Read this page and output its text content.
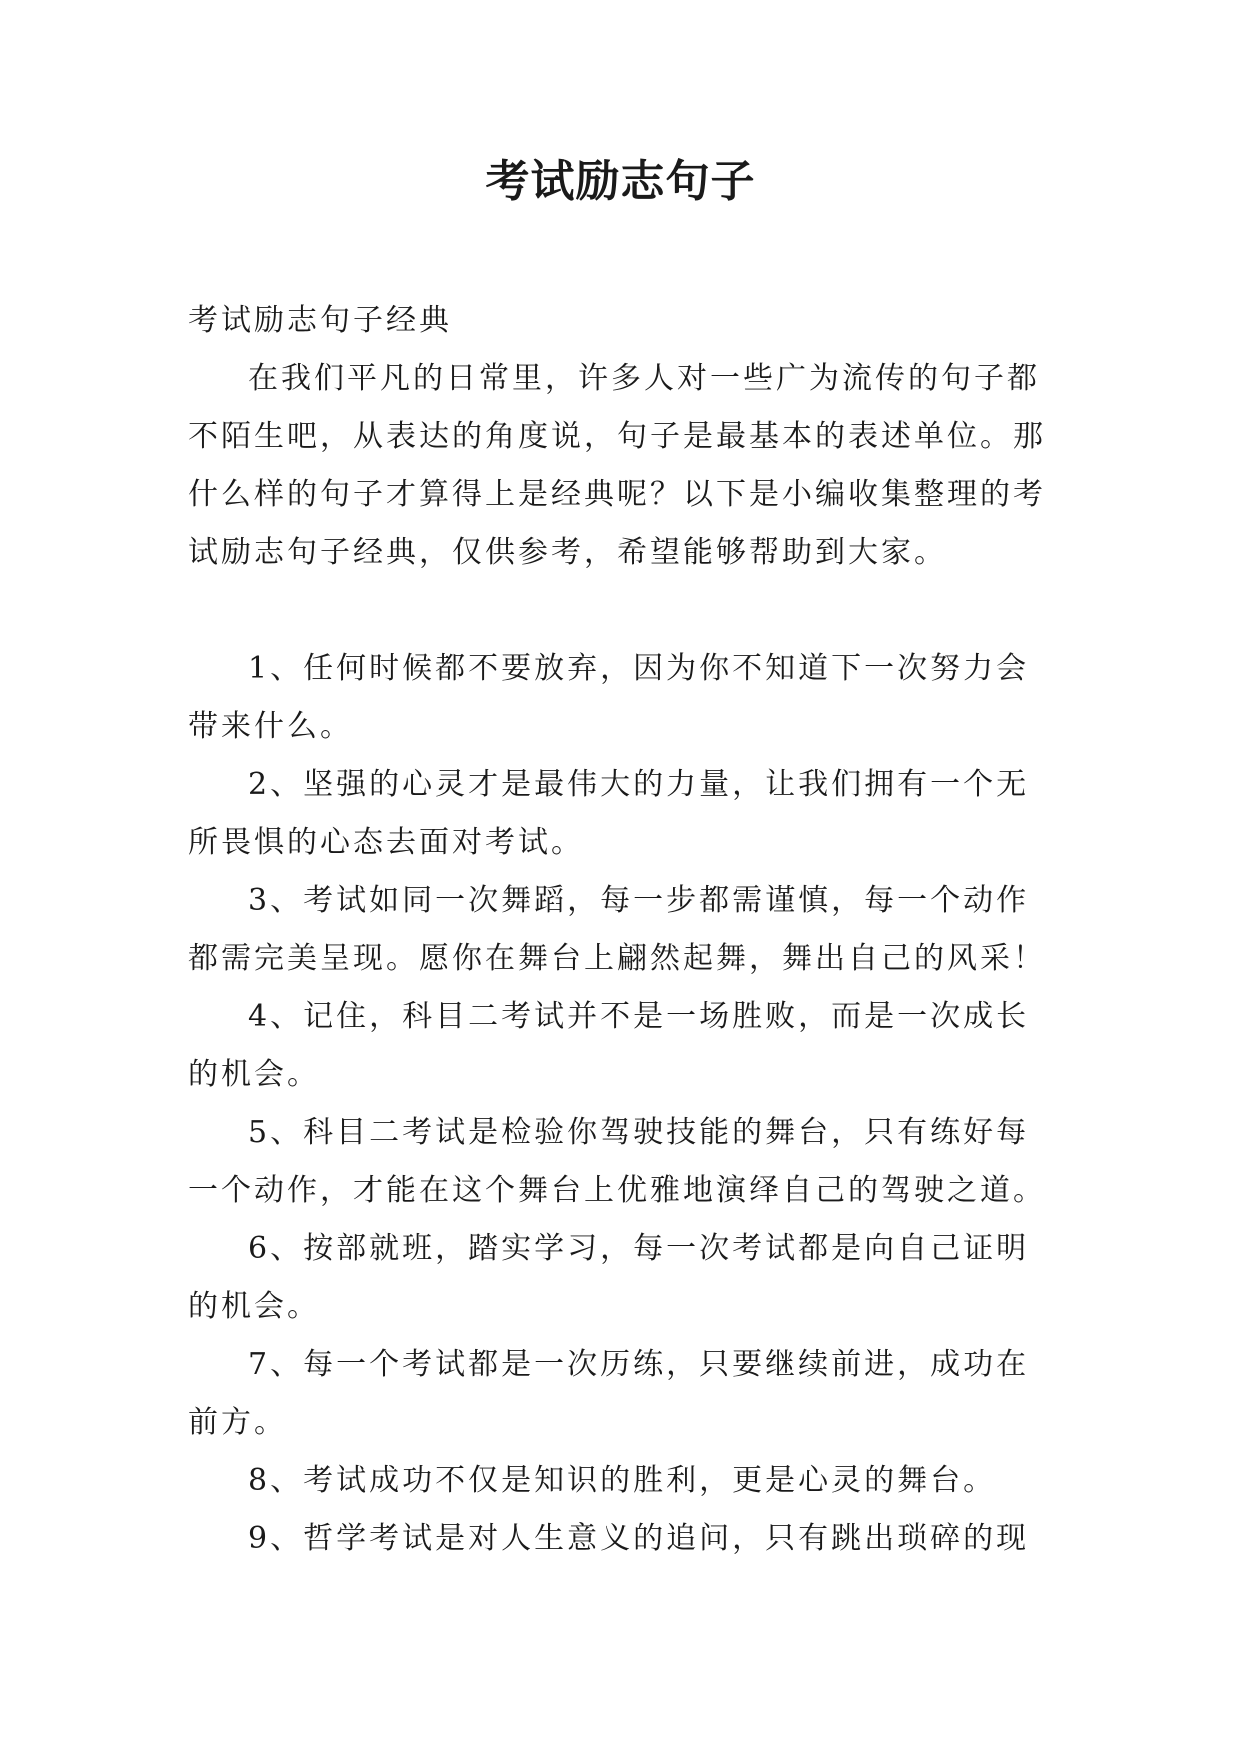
考试励志句子

考试励志句子经典

在我们平凡的日常里，许多人对一些广为流传的句子都不陌生吧，从表达的角度说，句子是最基本的表述单位。那什么样的句子才算得上是经典呢？以下是小编收集整理的考试励志句子经典，仅供参考，希望能够帮助到大家。

1、任何时候都不要放弃，因为你不知道下一次努力会带来什么。
2、坚强的心灵才是最伟大的力量，让我们拥有一个无所畏惧的心态去面对考试。
3、考试如同一次舞蹈，每一步都需谨慎，每一个动作都需完美呈现。愿你在舞台上翩然起舞，舞出自己的风采！
4、记住，科目二考试并不是一场胜败，而是一次成长的机会。
5、科目二考试是检验你驾驶技能的舞台，只有练好每一个动作，才能在这个舞台上优雅地演绎自己的驾驶之道。
6、按部就班，踏实学习，每一次考试都是向自己证明的机会。
7、每一个考试都是一次历练，只要继续前进，成功在前方。
8、考试成功不仅是知识的胜利，更是心灵的舞台。
9、哲学考试是对人生意义的追问，只有跳出琐碎的现
